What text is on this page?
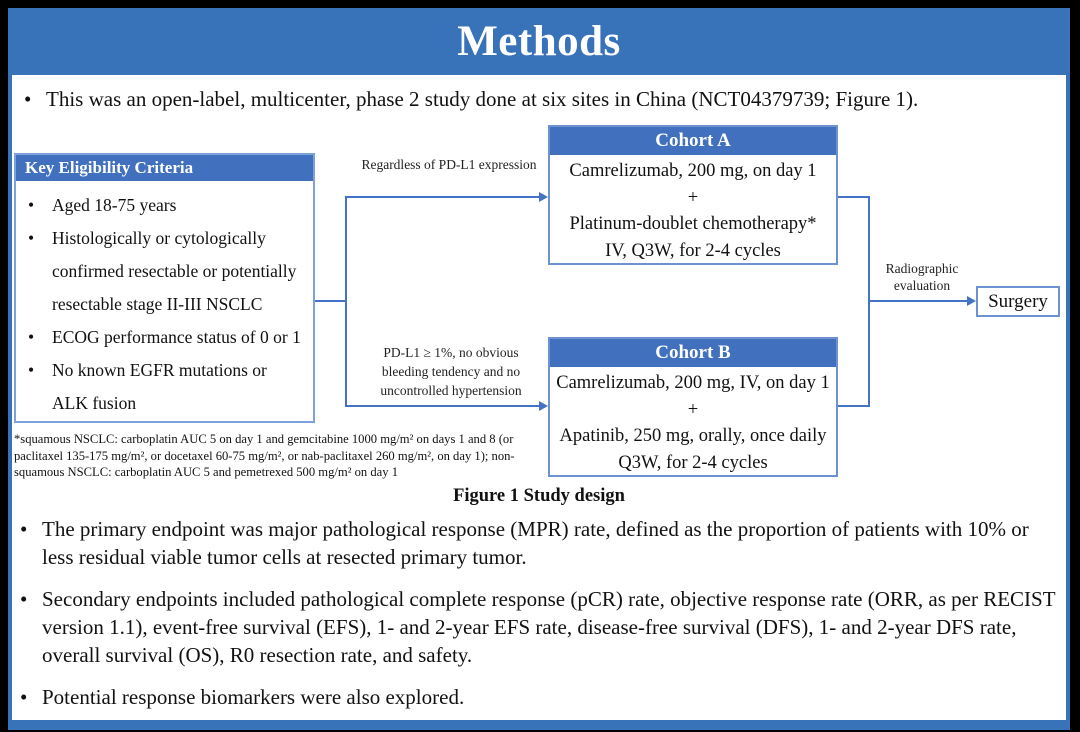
Methods
• This was an open-label, multicenter, phase 2 study done at six sites in China (NCT04379739; Figure 1).
Key Eligibility Criteria
•	Aged 18-75 years
•	Histologically or cytologically confirmed resectable or potentially resectable stage II-III NSCLC
•	ECOG performance status of 0 or 1
•	No known EGFR mutations or ALK fusion
*squamous NSCLC: carboplatin AUC 5 on day 1 and gemcitabine 1000 mg/m² on days 1 and 8 (or paclitaxel 135-175 mg/m², or docetaxel 60-75 mg/m², or nab-paclitaxel 260 mg/m², on day 1); non-squamous NSCLC: carboplatin AUC 5 and pemetrexed 500 mg/m² on day 1
Regardless of PD-L1 expression
PD-L1 ≥ 1%, no obvious bleeding tendency and no uncontrolled hypertension
Cohort A
Camrelizumab, 200 mg, on day 1
+
Platinum-doublet chemotherapy*
IV, Q3W, for 2-4 cycles
Cohort B
Camrelizumab, 200 mg, IV, on day 1
+
Apatinib, 250 mg, orally, once daily
Q3W, for 2-4 cycles
Radiographic evaluation
Surgery
Figure 1 Study design
• The primary endpoint was major pathological response (MPR) rate, defined as the proportion of patients with 10% or less residual viable tumor cells at resected primary tumor.
• Secondary endpoints included pathological complete response (pCR) rate, objective response rate (ORR, as per RECIST version 1.1), event-free survival (EFS), 1- and 2-year EFS rate, disease-free survival (DFS), 1- and 2-year DFS rate, overall survival (OS), R0 resection rate, and safety.
• Potential response biomarkers were also explored.
